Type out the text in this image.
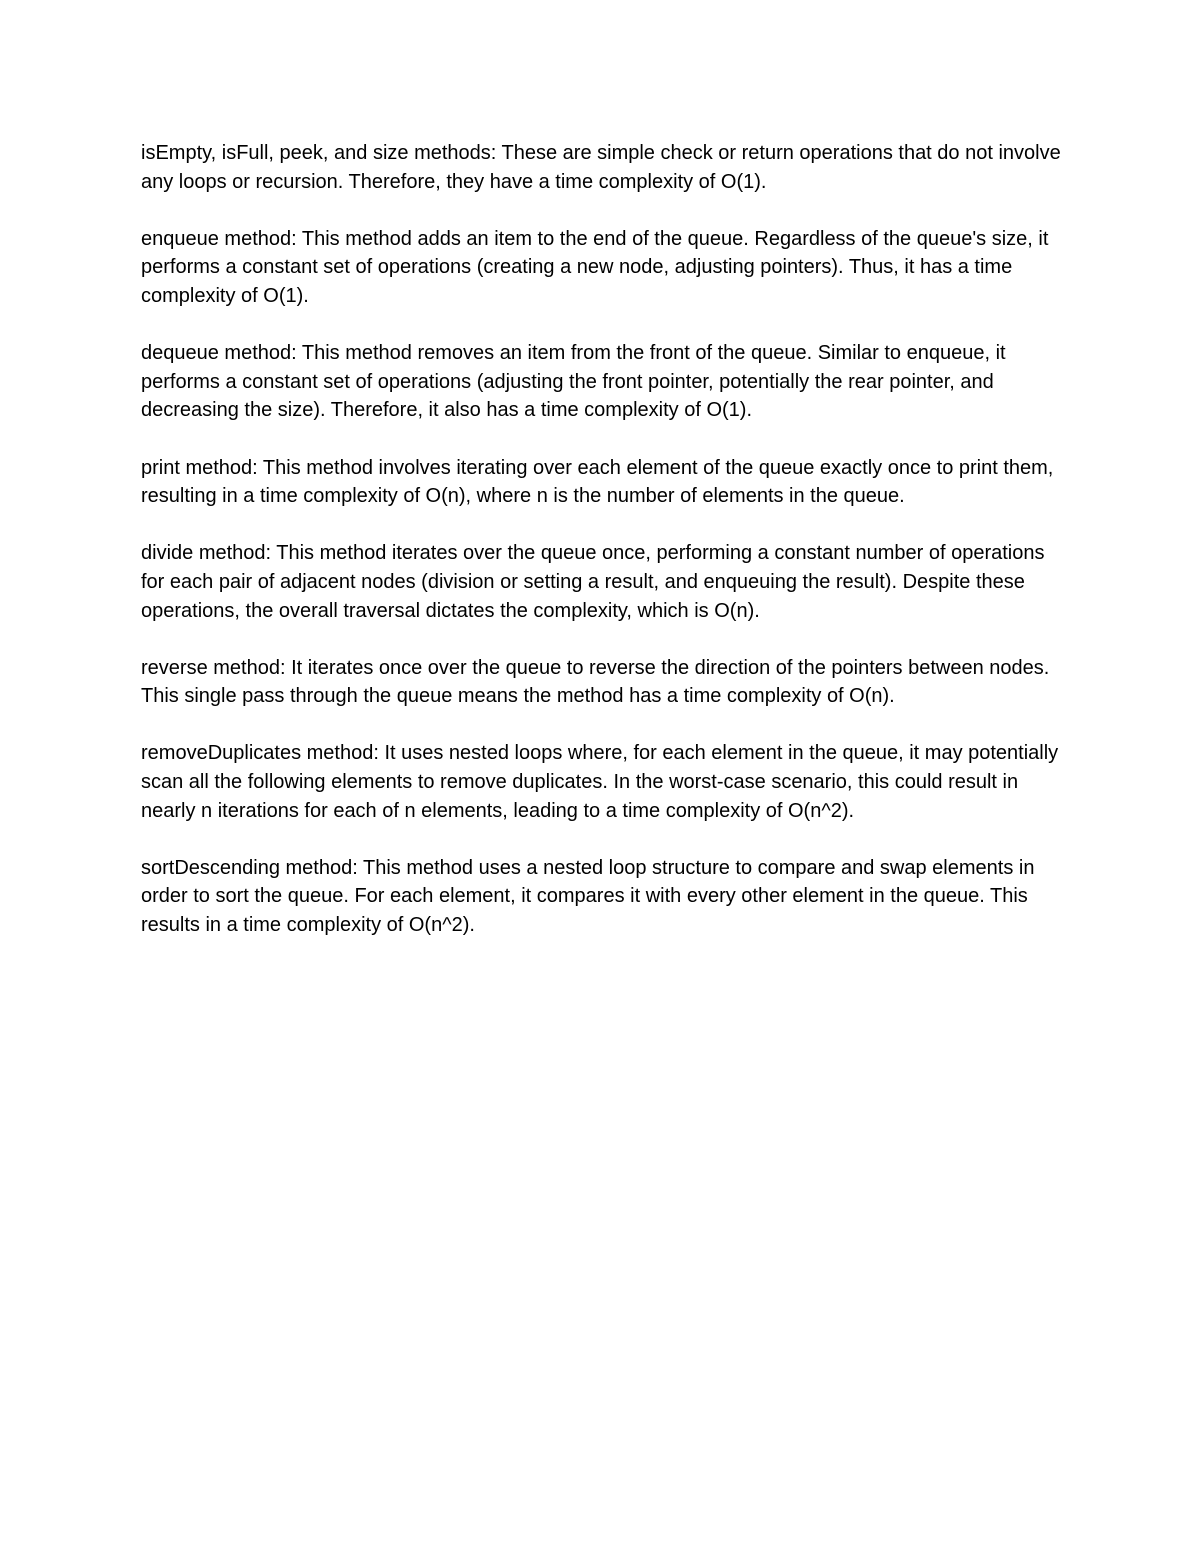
isEmpty, isFull, peek, and size methods: These are simple check or return operations that do not involve any loops or recursion. Therefore, they have a time complexity of O(1).

enqueue method: This method adds an item to the end of the queue. Regardless of the queue's size, it performs a constant set of operations (creating a new node, adjusting pointers). Thus, it has a time complexity of O(1).

dequeue method: This method removes an item from the front of the queue. Similar to enqueue, it performs a constant set of operations (adjusting the front pointer, potentially the rear pointer, and decreasing the size). Therefore, it also has a time complexity of O(1).

print method: This method involves iterating over each element of the queue exactly once to print them, resulting in a time complexity of O(n), where n is the number of elements in the queue.

divide method: This method iterates over the queue once, performing a constant number of operations for each pair of adjacent nodes (division or setting a result, and enqueuing the result). Despite these operations, the overall traversal dictates the complexity, which is O(n).

reverse method: It iterates once over the queue to reverse the direction of the pointers between nodes. This single pass through the queue means the method has a time complexity of O(n).

removeDuplicates method: It uses nested loops where, for each element in the queue, it may potentially scan all the following elements to remove duplicates. In the worst-case scenario, this could result in nearly n iterations for each of n elements, leading to a time complexity of O(n^2).

sortDescending method: This method uses a nested loop structure to compare and swap elements in order to sort the queue. For each element, it compares it with every other element in the queue. This results in a time complexity of O(n^2).
